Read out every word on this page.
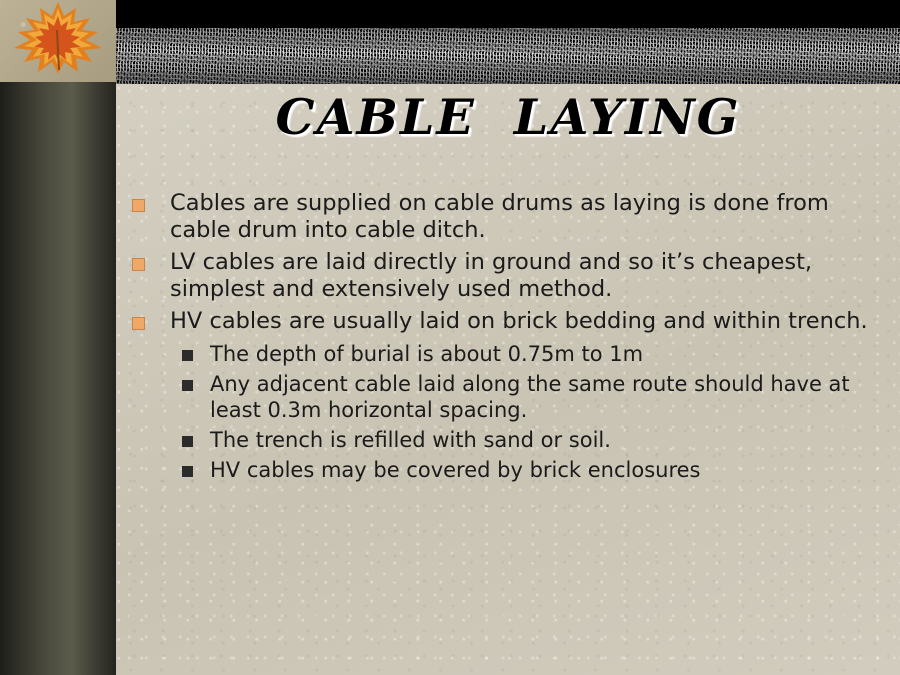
CABLE  LAYING
Cables are supplied on cable drums as laying is done from cable drum into cable ditch.
LV cables are laid directly in ground and so it’s cheapest, simplest and extensively used method.
HV cables are usually laid on brick bedding and within trench.
The depth of burial is about 0.75m to 1m
Any adjacent cable laid along the same route should have at least 0.3m horizontal spacing.
The trench is refilled with sand or soil.
HV cables may be covered by brick enclosures
